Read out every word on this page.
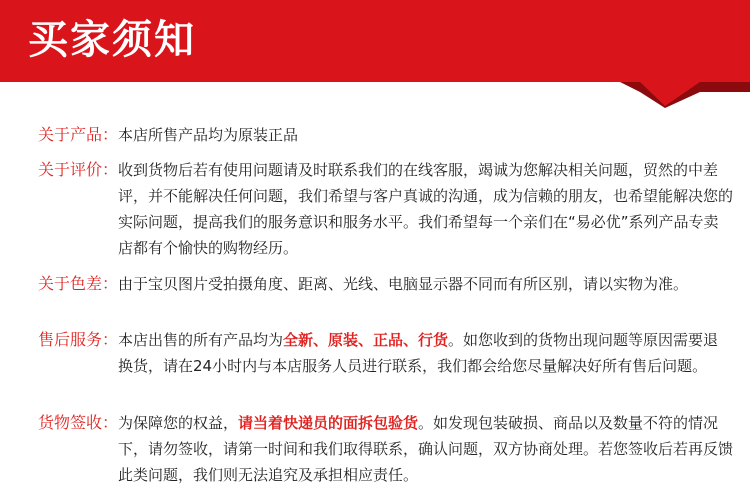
买家须知
关于产品： 本店所售产品均为原装正品
关于评价： 收到货物后若有使用问题请及时联系我们的在线客服，竭诚为您解决相关问题，贸然的中差评，并不能解决任何问题，我们希望与客户真诚的沟通，成为信赖的朋友，也希望能解决您的实际问题，提高我们的服务意识和服务水平。我们希望每一个亲们在“易必优”系列产品专卖店都有个愉快的购物经历。
关于色差： 由于宝贝图片受拍摄角度、距离、光线、电脑显示器不同而有所区别，请以实物为准。
售后服务： 本店出售的所有产品均为全新、原装、正品、行货。如您收到的货物出现问题等原因需要退换货，请在24小时内与本店服务人员进行联系，我们都会给您尽量解决好所有售后问题。
货物签收： 为保障您的权益，请当着快递员的面拆包验货。如发现包装破损、商品以及数量不符的情况下，请勿签收，请第一时间和我们取得联系，确认问题，双方协商处理。若您签收后若再反馈此类问题，我们则无法追究及承担相应责任。
